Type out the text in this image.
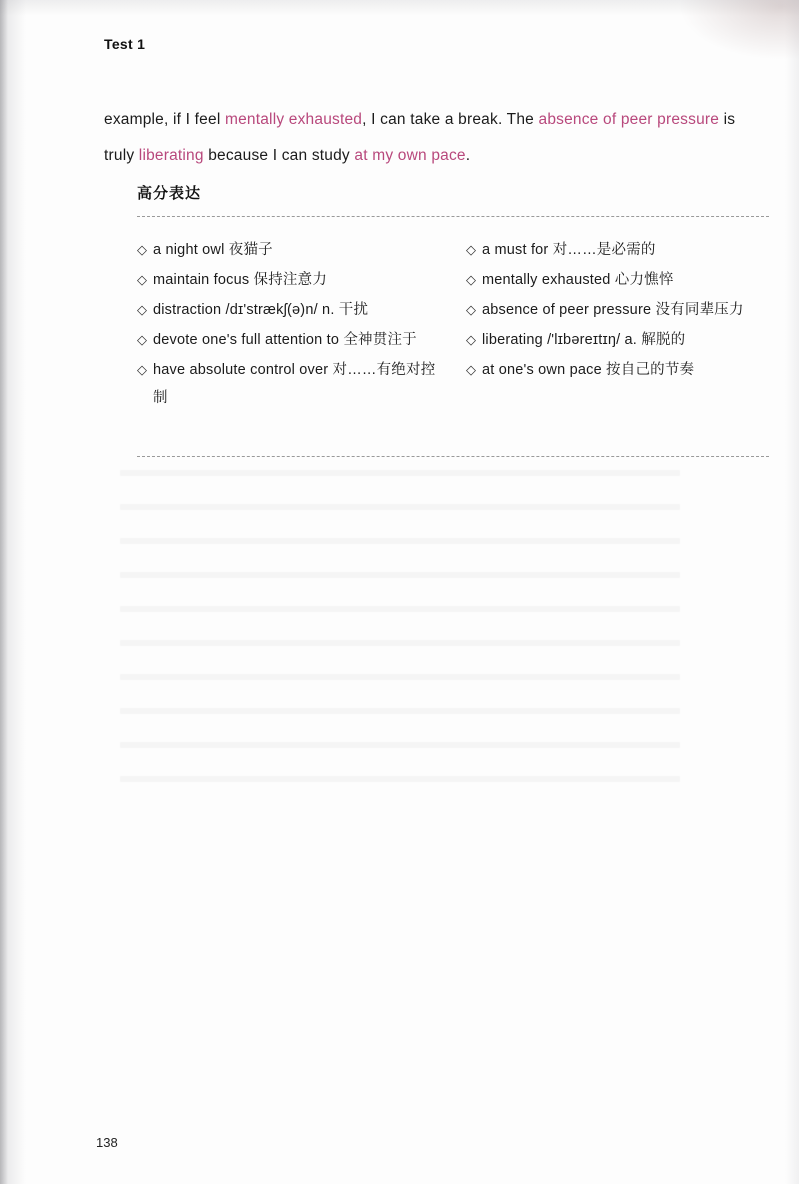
Test 1
example, if I feel mentally exhausted, I can take a break. The absence of peer pressure is truly liberating because I can study at my own pace.
高分表达
◇ a night owl 夜猫子
◇ maintain focus 保持注意力
◇ distraction /dɪ'strækʃ(ə)n/ n. 干扰
◇ devote one's full attention to 全神贯注于
◇ have absolute control over 对……有绝对控制
◇ a must for 对……是必需的
◇ mentally exhausted 心力憔悴
◇ absence of peer pressure 没有同辈压力
◇ liberating /'lɪbəreɪtɪŋ/ a. 解脱的
◇ at one's own pace 按自己的节奏
138
